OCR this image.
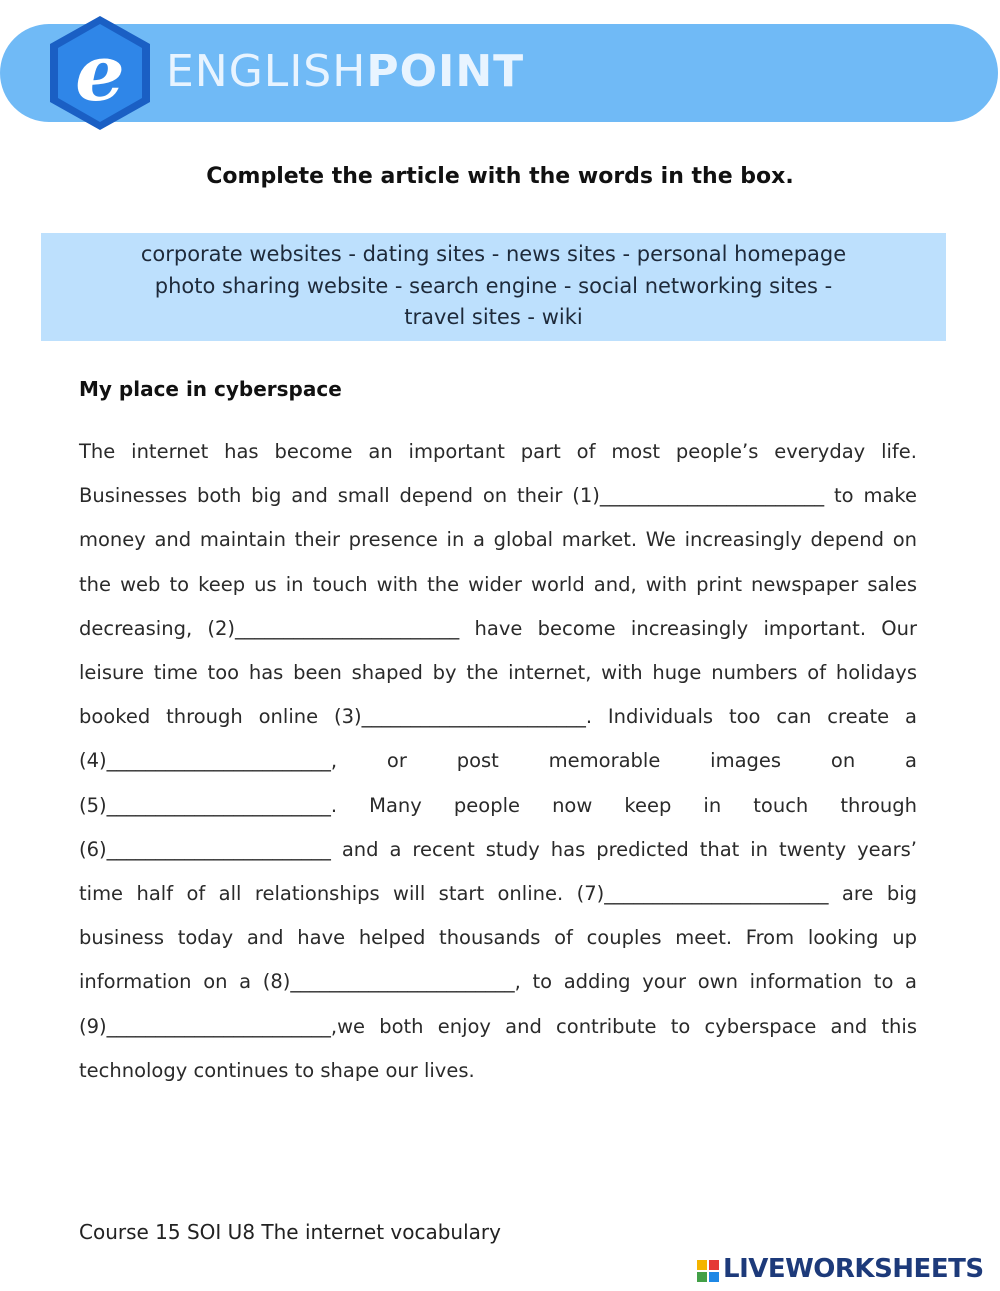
e ENGLISHPOINT
Complete the article with the words in the box.
corporate websites - dating sites - news sites - personal homepage
photo sharing website - search engine - social networking sites -
travel sites - wiki
My place in cyberspace

The internet has become an important part of most people’s everyday life. Businesses both big and small depend on their (1)_______________________ to make money and maintain their presence in a global market. We increasingly depend on the web to keep us in touch with the wider world and, with print newspaper sales decreasing, (2)_______________________ have become increasingly important. Our leisure time too has been shaped by the internet, with huge numbers of holidays booked through online (3)_______________________. Individuals too can create a (4)_______________________, or post memorable images on a (5)_______________________. Many people now keep in touch through (6)_______________________ and a recent study has predicted that in twenty years’ time half of all relationships will start online. (7)_______________________ are big business today and have helped thousands of couples meet. From looking up information on a (8)_______________________, to adding your own information to a (9)_______________________,we both enjoy and contribute to cyberspace and this technology continues to shape our lives.

Course 15 SOI U8 The internet vocabulary
LIVEWORKSHEETS
